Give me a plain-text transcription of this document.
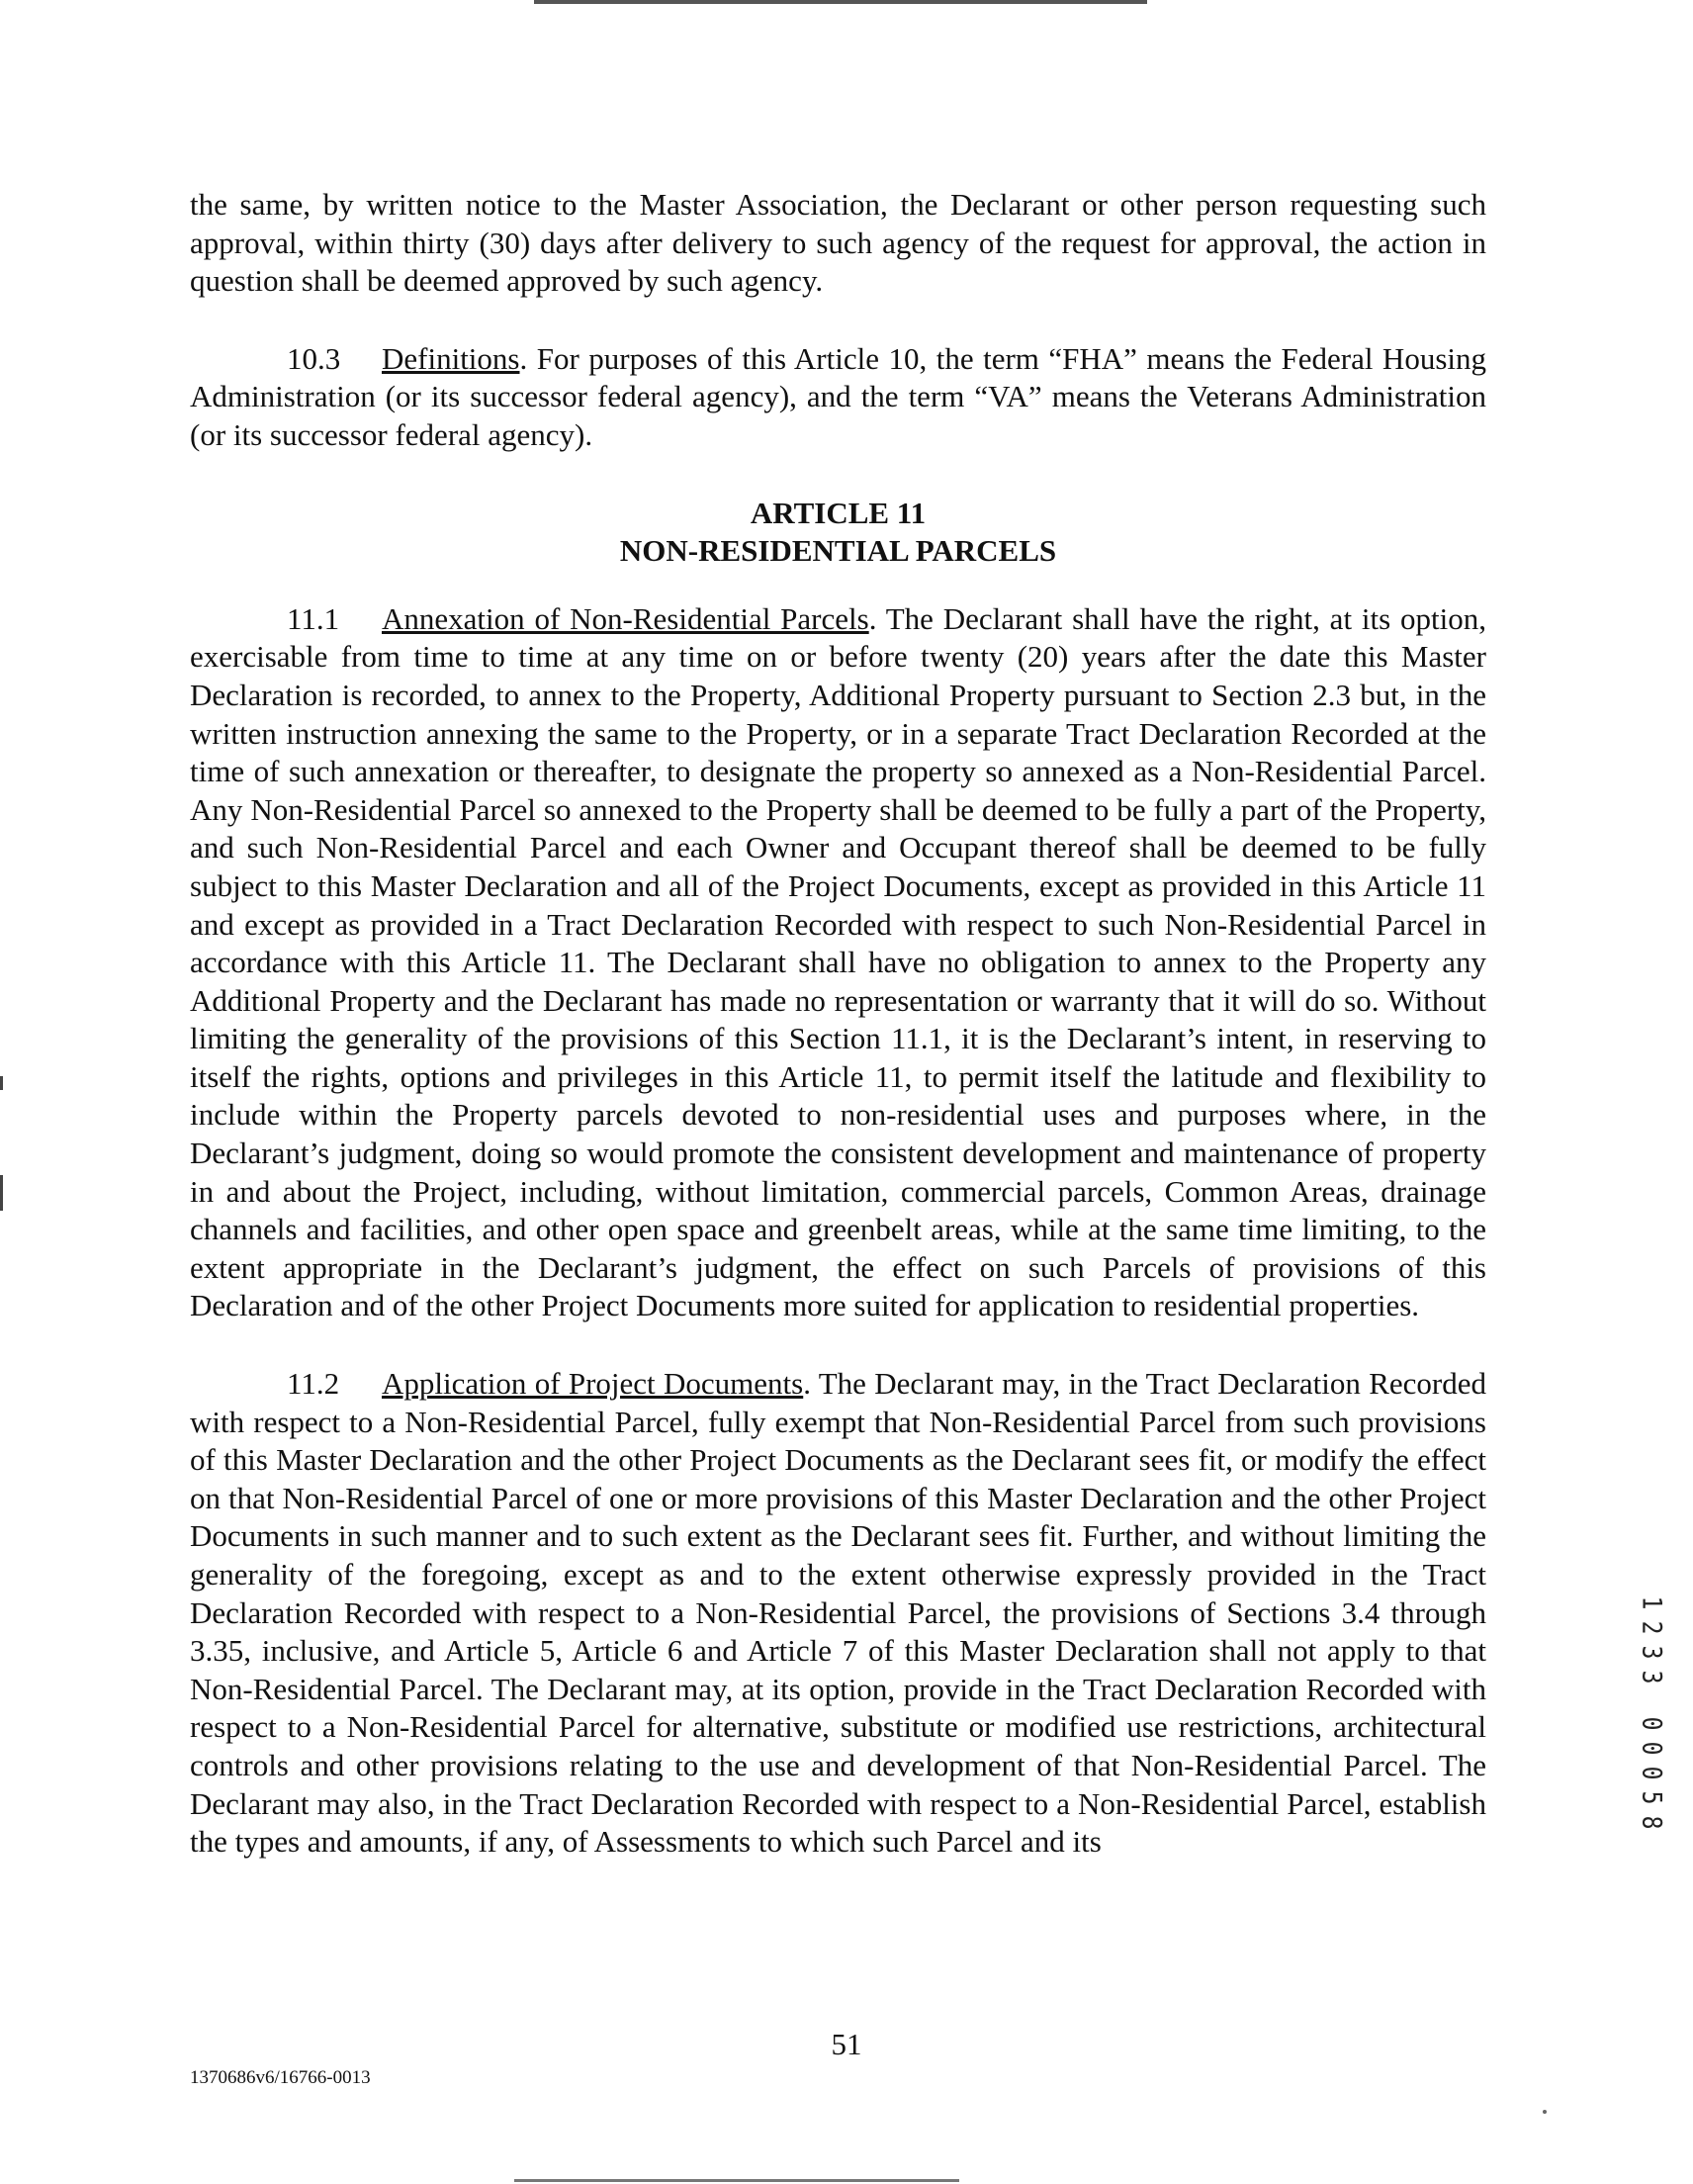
the same, by written notice to the Master Association, the Declarant or other person requesting such approval, within thirty (30) days after delivery to such agency of the request for approval, the action in question shall be deemed approved by such agency.

10.3 Definitions. For purposes of this Article 10, the term “FHA” means the Federal Housing Administration (or its successor federal agency), and the term “VA” means the Veterans Administration (or its successor federal agency).

ARTICLE 11

NON-RESIDENTIAL PARCELS

11.1 Annexation of Non-Residential Parcels. The Declarant shall have the right, at its option, exercisable from time to time at any time on or before twenty (20) years after the date this Master Declaration is recorded, to annex to the Property, Additional Property pursuant to Section 2.3 but, in the written instruction annexing the same to the Property, or in a separate Tract Declaration Recorded at the time of such annexation or thereafter, to designate the property so annexed as a Non-Residential Parcel. Any Non-Residential Parcel so annexed to the Property shall be deemed to be fully a part of the Property, and such Non-Residential Parcel and each Owner and Occupant thereof shall be deemed to be fully subject to this Master Declaration and all of the Project Documents, except as provided in this Article 11 and except as provided in a Tract Declaration Recorded with respect to such Non-Residential Parcel in accordance with this Article 11. The Declarant shall have no obligation to annex to the Property any Additional Property and the Declarant has made no representation or warranty that it will do so. Without limiting the generality of the provisions of this Section 11.1, it is the Declarant’s intent, in reserving to itself the rights, options and privileges in this Article 11, to permit itself the latitude and flexibility to include within the Property parcels devoted to non-residential uses and purposes where, in the Declarant’s judgment, doing so would promote the consistent development and maintenance of property in and about the Project, including, without limitation, commercial parcels, Common Areas, drainage channels and facilities, and other open space and greenbelt areas, while at the same time limiting, to the extent appropriate in the Declarant’s judgment, the effect on such Parcels of provisions of this Declaration and of the other Project Documents more suited for application to residential properties.

11.2 Application of Project Documents. The Declarant may, in the Tract Declaration Recorded with respect to a Non-Residential Parcel, fully exempt that Non-Residential Parcel from such provisions of this Master Declaration and the other Project Documents as the Declarant sees fit, or modify the effect on that Non-Residential Parcel of one or more provisions of this Master Declaration and the other Project Documents in such manner and to such extent as the Declarant sees fit. Further, and without limiting the generality of the foregoing, except as and to the extent otherwise expressly provided in the Tract Declaration Recorded with respect to a Non-Residential Parcel, the provisions of Sections 3.4 through 3.35, inclusive, and Article 5, Article 6 and Article 7 of this Master Declaration shall not apply to that Non-Residential Parcel. The Declarant may, at its option, provide in the Tract Declaration Recorded with respect to a Non-Residential Parcel for alternative, substitute or modified use restrictions, architectural controls and other provisions relating to the use and development of that Non-Residential Parcel. The Declarant may also, in the Tract Declaration Recorded with respect to a Non-Residential Parcel, establish the types and amounts, if any, of Assessments to which such Parcel and its

1
2
3
3
0
0
0
5
8
51
1370686v6/16766-0013
